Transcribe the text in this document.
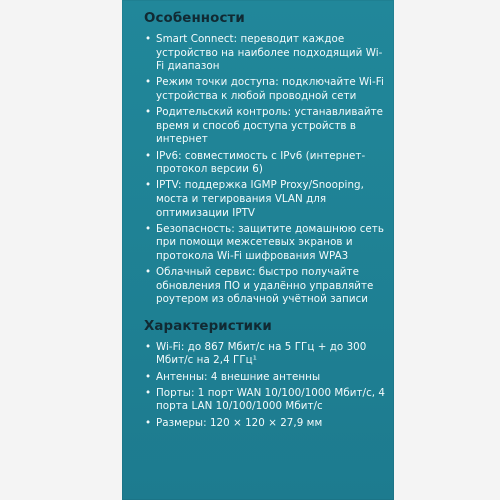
Особенности
• Smart Connect: переводит каждое устройство на наиболее подходящий Wi-Fi диапазон
• Режим точки доступа: подключайте Wi-Fi устройства к любой проводной сети
• Родительский контроль: устанавливайте время и способ доступа устройств в интернет
• IPv6: совместимость с IPv6 (интернет-протокол версии 6)
• IPTV: поддержка IGMP Proxy/Snooping, моста и тегирования VLAN для оптимизации IPTV
• Безопасность: защитите домашнюю сеть при помощи межсетевых экранов и протокола Wi-Fi шифрования WPA3
• Облачный сервис: быстро получайте обновления ПО и удалённо управляйте роутером из облачной учётной записи
Характеристики
• Wi-Fi: до 867 Мбит/с на 5 ГГц + до 300 Мбит/с на 2,4 ГГц¹
• Антенны: 4 внешние антенны
• Порты: 1 порт WAN 10/100/1000 Мбит/с, 4 порта LAN 10/100/1000 Мбит/с
• Размеры: 120 × 120 × 27,9 мм
